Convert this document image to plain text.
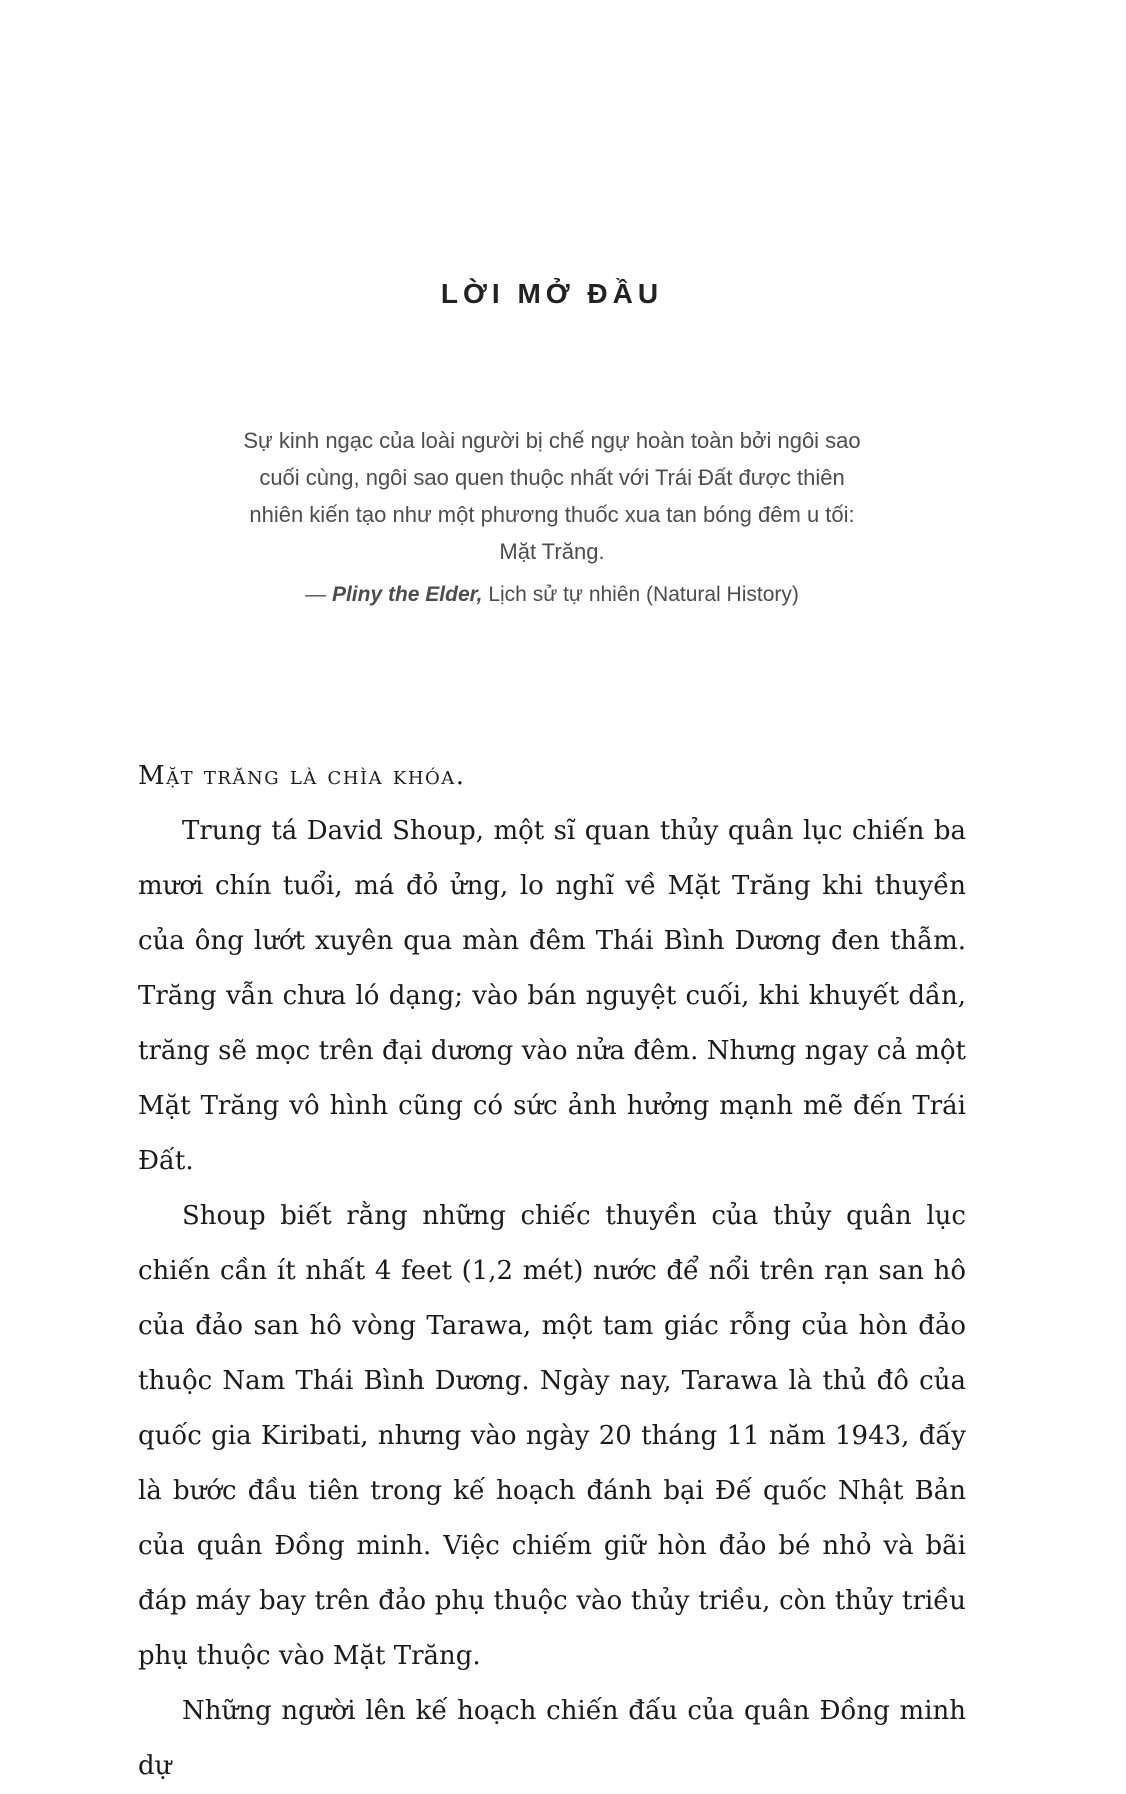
LỜI MỞ ĐẦU
Sự kinh ngạc của loài người bị chế ngự hoàn toàn bởi ngôi sao
cuối cùng, ngôi sao quen thuộc nhất với Trái Đất được thiên
nhiên kiến tạo như một phương thuốc xua tan bóng đêm u tối:
Mặt Trăng.
— Pliny the Elder, Lịch sử tự nhiên (Natural History)

Mặt trăng là chìa khóa.

Trung tá David Shoup, một sĩ quan thủy quân lục chiến ba mươi chín tuổi, má đỏ ửng, lo nghĩ về Mặt Trăng khi thuyền của ông lướt xuyên qua màn đêm Thái Bình Dương đen thẫm. Trăng vẫn chưa ló dạng; vào bán nguyệt cuối, khi khuyết dần, trăng sẽ mọc trên đại dương vào nửa đêm. Nhưng ngay cả một Mặt Trăng vô hình cũng có sức ảnh hưởng mạnh mẽ đến Trái Đất.

Shoup biết rằng những chiếc thuyền của thủy quân lục chiến cần ít nhất 4 feet (1,2 mét) nước để nổi trên rạn san hô của đảo san hô vòng Tarawa, một tam giác rỗng của hòn đảo thuộc Nam Thái Bình Dương. Ngày nay, Tarawa là thủ đô của quốc gia Kiribati, nhưng vào ngày 20 tháng 11 năm 1943, đấy là bước đầu tiên trong kế hoạch đánh bại Đế quốc Nhật Bản của quân Đồng minh. Việc chiếm giữ hòn đảo bé nhỏ và bãi đáp máy bay trên đảo phụ thuộc vào thủy triều, còn thủy triều phụ thuộc vào Mặt Trăng.

Những người lên kế hoạch chiến đấu của quân Đồng minh dự
